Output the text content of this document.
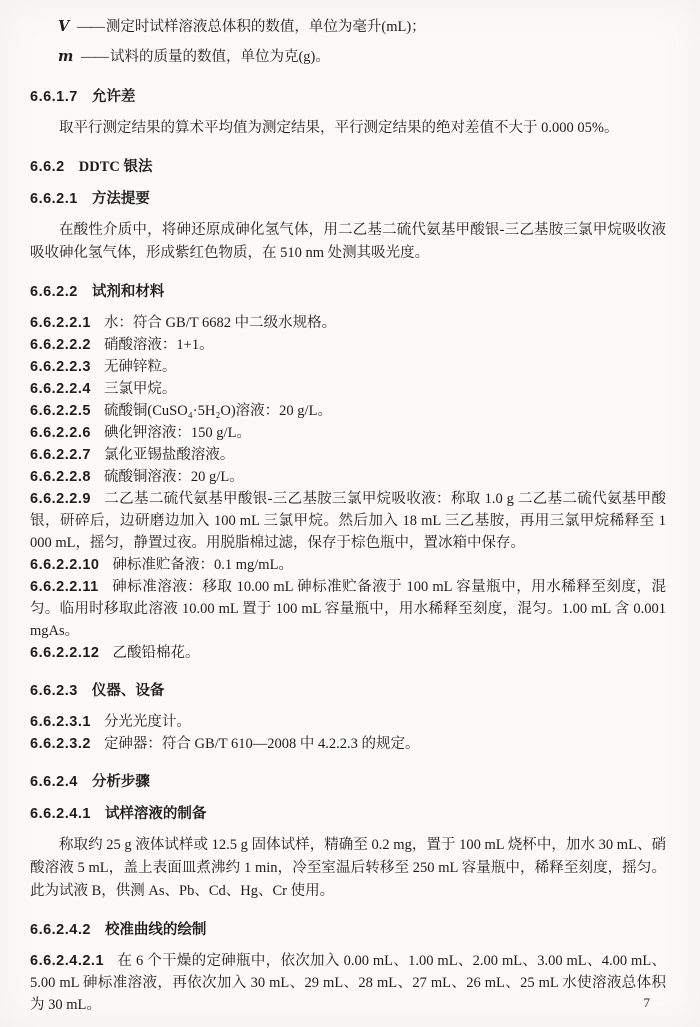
V —— 测定时试样溶液总体积的数值，单位为毫升(mL)；

m —— 试料的质量的数值，单位为克(g)。

6.6.1.7 允许差

取平行测定结果的算术平均值为测定结果，平行测定结果的绝对差值不大于 0.000 05%。

6.6.2 DDTC 银法

6.6.2.1 方法提要

在酸性介质中，将砷还原成砷化氢气体，用二乙基二硫代氨基甲酸银-三乙基胺三氯甲烷吸收液吸收砷化氢气体，形成紫红色物质，在 510 nm 处测其吸光度。

6.6.2.2 试剂和材料

6.6.2.2.1 水：符合 GB/T 6682 中二级水规格。

6.6.2.2.2 硝酸溶液：1+1。

6.6.2.2.3 无砷锌粒。

6.6.2.2.4 三氯甲烷。

6.6.2.2.5 硫酸铜(CuSO₄·5H₂O)溶液：20 g/L。

6.6.2.2.6 碘化钾溶液：150 g/L。

6.6.2.2.7 氯化亚锡盐酸溶液。

6.6.2.2.8 硫酸铜溶液：20 g/L。

6.6.2.2.9 二乙基二硫代氨基甲酸银-三乙基胺三氯甲烷吸收液：称取 1.0 g 二乙基二硫代氨基甲酸银，研碎后，边研磨边加入 100 mL 三氯甲烷。然后加入 18 mL 三乙基胺，再用三氯甲烷稀释至 1 000 mL，摇匀，静置过夜。用脱脂棉过滤，保存于棕色瓶中，置冰箱中保存。

6.6.2.2.10 砷标准贮备液：0.1 mg/mL。

6.6.2.2.11 砷标准溶液：移取 10.00 mL 砷标准贮备液于 100 mL 容量瓶中，用水稀释至刻度，混匀。临用时移取此溶液 10.00 mL 置于 100 mL 容量瓶中，用水稀释至刻度，混匀。1.00 mL 含 0.001 mgAs。

6.6.2.2.12 乙酸铅棉花。

6.6.2.3 仪器、设备

6.6.2.3.1 分光光度计。

6.6.2.3.2 定砷器：符合 GB/T 610—2008 中 4.2.2.3 的规定。

6.6.2.4 分析步骤

6.6.2.4.1 试样溶液的制备

称取约 25 g 液体试样或 12.5 g 固体试样，精确至 0.2 mg，置于 100 mL 烧杯中，加水 30 mL、硝酸溶液 5 mL，盖上表面皿煮沸约 1 min，冷至室温后转移至 250 mL 容量瓶中，稀释至刻度，摇匀。此为试液 B，供测 As、Pb、Cd、Hg、Cr 使用。

6.6.2.4.2 校准曲线的绘制

6.6.2.4.2.1 在 6 个干燥的定砷瓶中，依次加入 0.00 mL、1.00 mL、2.00 mL、3.00 mL、4.00 mL、5.00 mL 砷标准溶液，再依次加入 30 mL、29 mL、28 mL、27 mL、26 mL、25 mL 水使溶液总体积为 30 mL。	7
